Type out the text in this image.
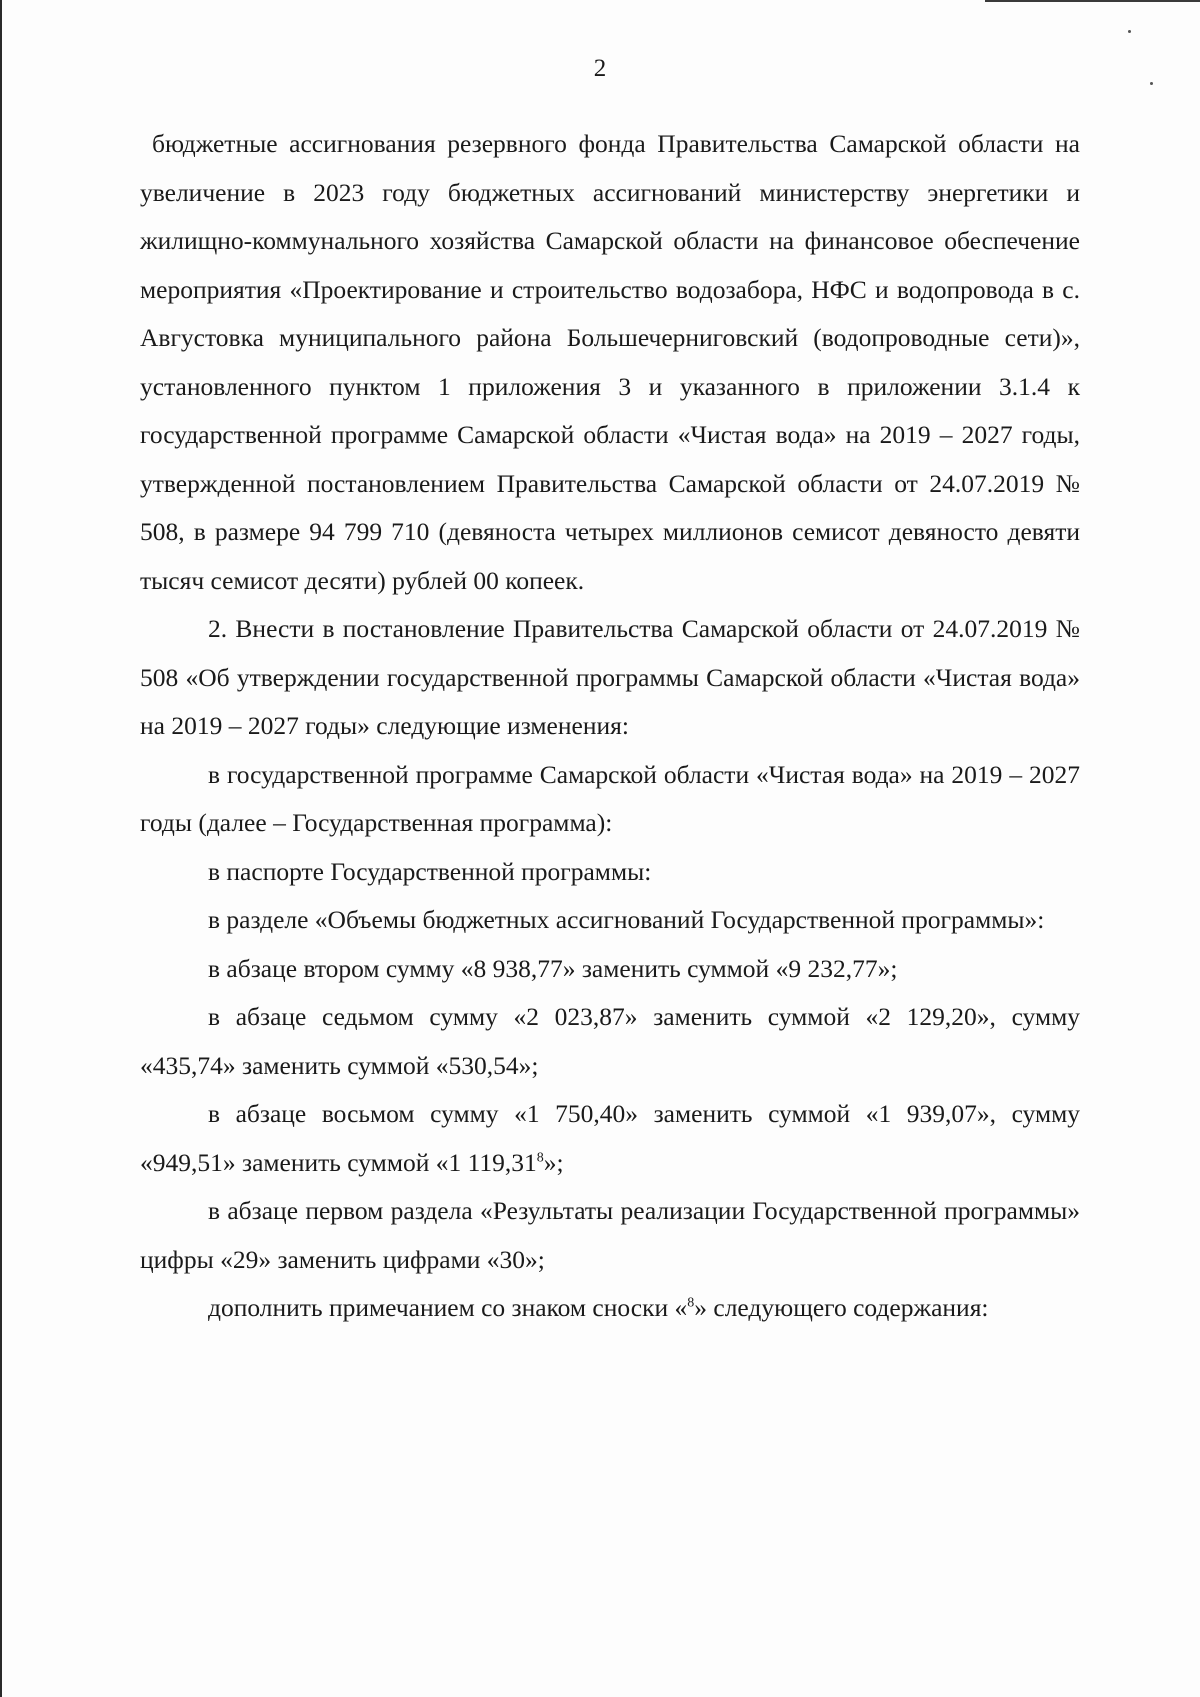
2

бюджетные ассигнования резервного фонда Правительства Самарской области на увеличение в 2023 году бюджетных ассигнований министерству энергетики и жилищно-коммунального хозяйства Самарской области на финансовое обеспечение мероприятия «Проектирование и строительство водозабора, НФС и водопровода в с. Августовка муниципального района Большечерниговский (водопроводные сети)», установленного пунктом 1 приложения 3 и указанного в приложении 3.1.4 к государственной программе Самарской области «Чистая вода» на 2019 – 2027 годы, утвержденной постановлением Правительства Самарской области от 24.07.2019 № 508, в размере 94 799 710 (девяноста четырех миллионов семисот девяносто девяти тысяч семисот десяти) рублей 00 копеек.

2. Внести в постановление Правительства Самарской области от 24.07.2019 № 508 «Об утверждении государственной программы Самарской области «Чистая вода» на 2019 – 2027 годы» следующие изменения:

в государственной программе Самарской области «Чистая вода» на 2019 – 2027 годы (далее – Государственная программа):

в паспорте Государственной программы:

в разделе «Объемы бюджетных ассигнований Государственной программы»:

в абзаце втором сумму «8 938,77» заменить суммой «9 232,77»;

в абзаце седьмом сумму «2 023,87» заменить суммой «2 129,20», сумму «435,74» заменить суммой «530,54»;

в абзаце восьмом сумму «1 750,40» заменить суммой «1 939,07», сумму «949,51» заменить суммой «1 119,31$^8$»;

в абзаце первом раздела «Результаты реализации Государственной программы» цифры «29» заменить цифрами «30»;

дополнить примечанием со знаком сноски «$^8$» следующего содержания:
